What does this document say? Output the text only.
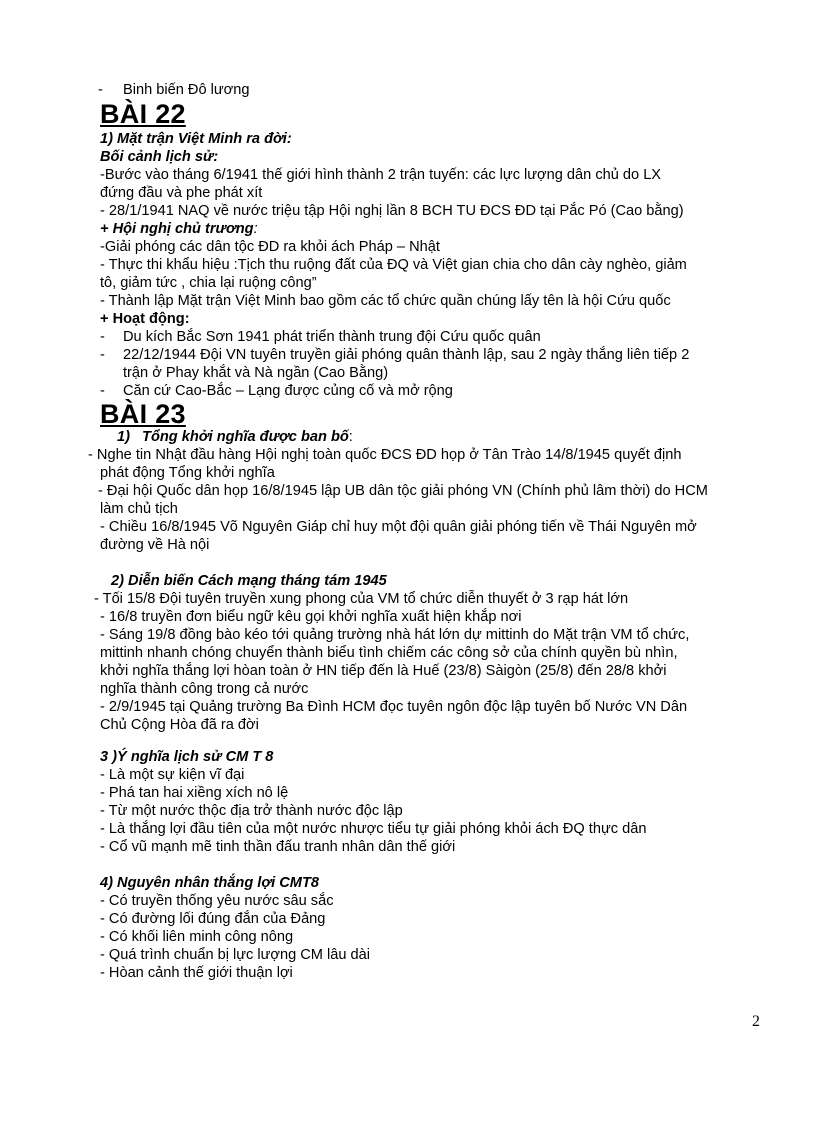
- Binh biến Đô lương
BÀI 22
1) Mặt trận Việt Minh ra đời:
Bối cảnh lịch sử:
-Bước vào tháng 6/1941 thế giới hình thành 2 trận tuyến: các lực lượng dân chủ do LX
đứng đầu và phe phát xít
- 28/1/1941 NAQ về nước triệu tập Hội nghị lần 8 BCH TU ĐCS ĐD tại Pắc Pó (Cao bằng)
+ Hội nghị chủ trương:
-Giải phóng các dân tộc ĐD ra khỏi ách Pháp – Nhật
- Thực thi khẩu hiệu :Tịch thu ruộng đất của ĐQ và Việt gian chia cho dân cày nghèo, giảm
tô, giảm tức , chia lại ruộng công”
- Thành lập Mặt trận Việt Minh bao gồm các tổ chức quần chúng lấy tên là hội Cứu quốc
+ Hoạt động:
- Du kích Bắc Sơn 1941 phát triển thành trung đội Cứu quốc quân
- 22/12/1944 Đội VN tuyên truyền giải phóng quân thành lập, sau 2 ngày thắng liên tiếp 2
trận ở Phay khắt và Nà ngần (Cao Bằng)
- Căn cứ Cao-Bắc – Lạng được củng cố và mở rộng
BÀI 23
1) Tổng khởi nghĩa được ban bố:
- Nghe tin Nhật đầu hàng Hội nghị toàn quốc ĐCS ĐD họp ở Tân Trào 14/8/1945 quyết định
phát động Tổng khởi nghĩa
- Đại hội Quốc dân họp 16/8/1945 lập UB dân tộc giải phóng VN (Chính phủ lâm thời) do HCM
làm chủ tịch
- Chiều 16/8/1945 Võ Nguyên Giáp chỉ huy một đội quân giải phóng tiến về Thái Nguyên mở
đường về Hà nội
2) Diễn biến Cách mạng tháng tám 1945
- Tối 15/8 Đội tuyên truyền xung phong của VM tổ chức diễn thuyết ở 3 rạp hát lớn
- 16/8 truyền đơn biểu ngữ kêu gọi khởi nghĩa xuất hiện khắp nơi
- Sáng 19/8 đồng bào kéo tới quảng trường nhà hát lớn dự mittinh do Mặt trận VM tổ chức,
mittinh nhanh chóng chuyển thành biểu tình chiếm các công sở của chính quyền bù nhìn,
khởi nghĩa thắng lợi hòan toàn ở HN tiếp đến là Huế (23/8) Sàigòn (25/8) đến 28/8 khởi
nghĩa thành công trong cả nước
- 2/9/1945 tại Quảng trường Ba Đình HCM đọc tuyên ngôn độc lập tuyên bố Nước VN Dân
Chủ Cộng Hòa đã ra đời
3 )Ý nghĩa lịch sử CM T 8
- Là một sự kiện vĩ đại
- Phá tan hai xiềng xích nô lệ
- Từ một nước thộc địa trở thành nước độc lập
- Là thắng lợi đầu tiên của một nước nhược tiểu tự giải phóng khỏi ách ĐQ thực dân
- Cổ vũ mạnh mẽ tinh thần đấu tranh nhân dân thế giới
4) Nguyên nhân thắng lợi CMT8
- Có truyền thống yêu nước sâu sắc
- Có đường lối đúng đắn của Đảng
- Có khối liên minh công nông
- Quá trình chuẩn bị lực lượng CM lâu dài
- Hòan cảnh thế giới thuận lợi
2
